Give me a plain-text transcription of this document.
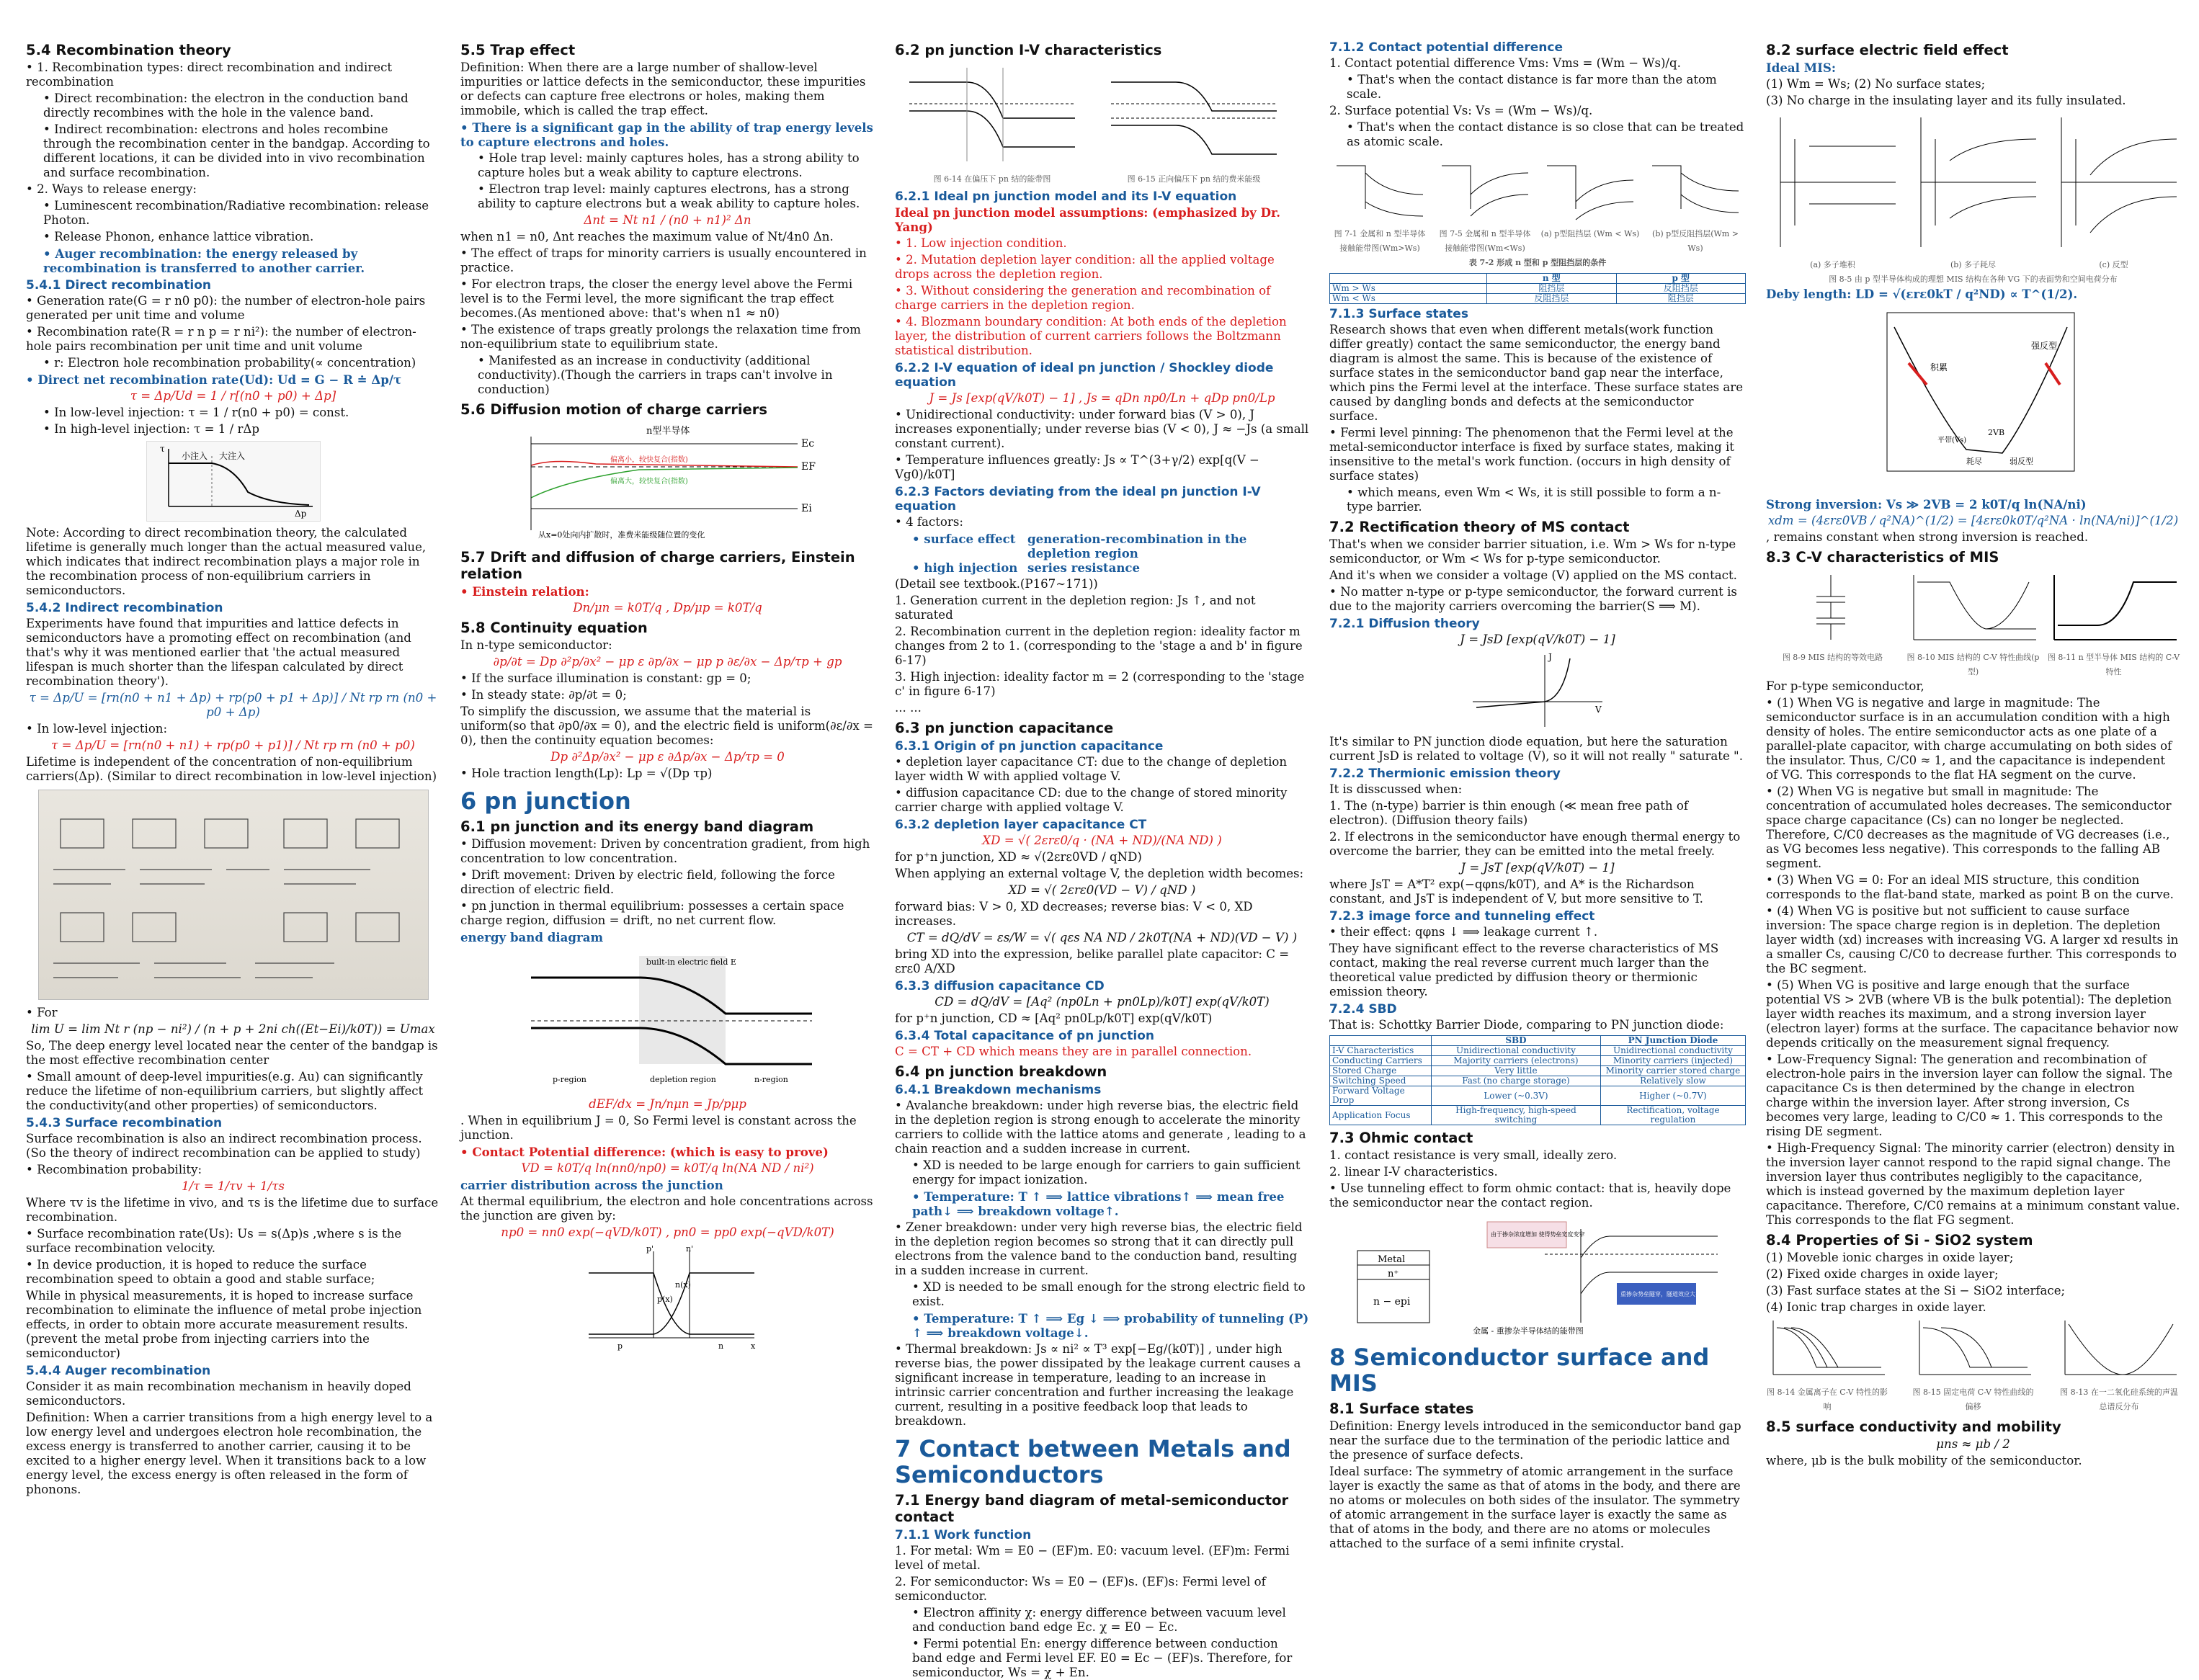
5.4 Recombination theory

• 1. Recombination types: direct recombination and indirect recombination

• Direct recombination: the electron in the conduction band directly recombines with the hole in the valence band.

• Indirect recombination: electrons and holes recombine through the recombination center in the bandgap. According to different locations, it can be divided into in vivo recombination and surface recombination.

• 2. Ways to release energy:

• Luminescent recombination/Radiative recombination: release Photon.

• Release Phonon, enhance lattice vibration.

• Auger recombination: the energy released by recombination is transferred to another carrier.

5.4.1 Direct recombination

• Generation rate(G = r n0 p0): the number of electron-hole pairs generated per unit time and volume

• Recombination rate(R = r n p = r ni²): the number of electron-hole pairs recombination per unit time and unit volume

• r: Electron hole recombination probability(∝ concentration)

• Direct net recombination rate(Ud): Ud = G − R ≐ Δp/τ

τ = Δp/Ud = 1 / r[(n0 + p0) + Δp]

• In low-level injection: τ = 1 / r(n0 + p0) = const.

• In high-level injection: τ = 1 / rΔp

小注入 大注入
Δp
τ

Note: According to direct recombination theory, the calculated lifetime is generally much longer than the actual measured value, which indicates that indirect recombination plays a major role in the recombination process of non-equilibrium carriers in semiconductors.

5.4.2 Indirect recombination

Experiments have found that impurities and lattice defects in semiconductors have a promoting effect on recombination (and that's why it was mentioned earlier that 'the actual measured lifespan is much shorter than the lifespan calculated by direct recombination theory').

τ = Δp/U = [rn(n0 + n1 + Δp) + rp(p0 + p1 + Δp)] / Nt rp rn (n0 + p0 + Δp)

• In low-level injection:

τ = Δp/U = [rn(n0 + n1) + rp(p0 + p1)] / Nt rp rn (n0 + p0)

Lifetime is independent of the concentration of non-equilibrium carriers(Δp). (Similar to direct recombination in low-level injection)

• For

lim U = lim Nt r (np − ni²) / (n + p + 2ni ch((Et−Ei)/k0T)) = Umax

So, The deep energy level located near the center of the bandgap is the most effective recombination center

• Small amount of deep-level impurities(e.g. Au) can significantly reduce the lifetime of non-equilibrium carriers, but slightly affect the conductivity(and other properties) of semiconductors.

5.4.3 Surface recombination

Surface recombination is also an indirect recombination process. (So the theory of indirect recombination can be applied to study)

• Recombination probability:

1/τ = 1/τv + 1/τs

Where τv is the lifetime in vivo, and τs is the lifetime due to surface recombination.

• Surface recombination rate(Us): Us = s(Δp)s ,where s is the surface recombination velocity.

• In device production, it is hoped to reduce the surface recombination speed to obtain a good and stable surface;

While in physical measurements, it is hoped to increase surface recombination to eliminate the influence of metal probe injection effects, in order to obtain more accurate measurement results.(prevent the metal probe from injecting carriers into the semiconductor)

5.4.4 Auger recombination

Consider it as main recombination mechanism in heavily doped semiconductors.

Definition: When a carrier transitions from a high energy level to a low energy level and undergoes electron hole recombination, the excess energy is transferred to another carrier, causing it to be excited to a higher energy level. When it transitions back to a low energy level, the excess energy is often released in the form of phonons.

5.5 Trap effect

Definition: When there are a large number of shallow-level impurities or lattice defects in the semiconductor, these impurities or defects can capture free electrons or holes, making them immobile, which is called the trap effect.

• There is a significant gap in the ability of trap energy levels to capture electrons and holes.

• Hole trap level: mainly captures holes, has a strong ability to capture holes but a weak ability to capture electrons.

• Electron trap level: mainly captures electrons, has a strong ability to capture electrons but a weak ability to capture holes.

Δnt = Nt n1 / (n0 + n1)² Δn

when n1 = n0, Δnt reaches the maximum value of Nt/4n0 Δn.

• The effect of traps for minority carriers is usually encountered in practice.

• For electron traps, the closer the energy level above the Fermi level is to the Fermi level, the more significant the trap effect becomes.(As mentioned above: that's when n1 ≈ n0)

• The existence of traps greatly prolongs the relaxation time from non-equilibrium state to equilibrium state.

• Manifested as an increase in conductivity (additional conductivity).(Though the carriers in traps can't involve in conduction)

5.6 Diffusion motion of charge carriers
n型半导体
Ec
EF
Ei
偏离小，较快复合(指数)
偏离大，较快复合(指数)
从x=0处向内扩散时，准费米能级随位置的变化
5.7 Drift and diffusion of charge carriers, Einstein relation

• Einstein relation:

Dn/μn = k0T/q , Dp/μp = k0T/q

5.8 Continuity equation

In n-type semiconductor:

∂p/∂t = Dp ∂²p/∂x² − μp ε ∂p/∂x − μp p ∂ε/∂x − Δp/τp + gp

• If the surface illumination is constant: gp = 0;

• In steady state: ∂p/∂t = 0;

To simplify the discussion, we assume that the material is uniform(so that ∂p0/∂x = 0), and the electric field is uniform(∂ε/∂x = 0), then the continuity equation becomes:

Dp ∂²Δp/∂x² − μp ε ∂Δp/∂x − Δp/τp = 0

• Hole traction length(Lp): Lp = √(Dp τp)

6 pn junction
6.1 pn junction and its energy band diagram

• Diffusion movement: Driven by concentration gradient, from high concentration to low concentration.

• Drift movement: Driven by electric field, following the force direction of electric field.

• pn junction in thermal equilibrium: possesses a certain space charge region, diffusion = drift, no net current flow.

energy band diagram

built-in electric field E
p-region	depletion region	n-region

dEF/dx = Jn/nμn = Jp/pμp

. When in equilibrium J = 0, So Fermi level is constant across the junction.

• Contact Potential difference: (which is easy to prove)

VD = k0T/q ln(nn0/np0) = k0T/q ln(NA ND / ni²)

carrier distribution across the junction

At thermal equilibrium, the electron and hole concentrations across the junction are given by:

np0 = nn0 exp(−qVD/k0T) , pn0 = pp0 exp(−qVD/k0T)

p'	n'
n(x)
p(x)
p	n	x
6.2 pn junction I-V characteristics
图 6-14 在偏压下 pn 结的能带图	图 6-15 正向偏压下 pn 结的费米能级
6.2.1 Ideal pn junction model and its I-V equation

Ideal pn junction model assumptions: (emphasized by Dr. Yang)

• 1. Low injection condition.

• 2. Mutation depletion layer condition: all the applied voltage drops across the depletion region.

• 3. Without considering the generation and recombination of charge carriers in the depletion region.

• 4. Blozmann boundary condition: At both ends of the depletion layer, the distribution of current carriers follows the Boltzmann statistical distribution.

6.2.2 I-V equation of ideal pn junction / Shockley diode equation

J = Js [exp(qV/k0T) − 1] , Js = qDn np0/Ln + qDp pn0/Lp

• Unidirectional conductivity: under forward bias (V > 0), J increases exponentially; under reverse bias (V < 0), J ≈ −Js (a small constant current).

• Temperature influences greatly: Js ∝ T^(3+γ/2) exp[q(V − Vg0)/k0T]

6.2.3 Factors deviating from the ideal pn junction I-V equation

• 4 factors:

• surface effect	generation-recombination in the depletion region
• high injection series resistance

(Detail see textbook.(P167∼171))

1. Generation current in the depletion region: Js ↑, and not saturated

2. Recombination current in the depletion region: ideality factor m changes from 2 to 1. (corresponding to the 'stage a and b' in figure 6-17)

3. High injection: ideality factor m = 2 (corresponding to the 'stage c' in figure 6-17)

... ...

6.3 pn junction capacitance
6.3.1 Origin of pn junction capacitance

• depletion layer capacitance CT: due to the change of depletion layer width W with applied voltage V.

• diffusion capacitance CD: due to the change of stored minority carrier charge with applied voltage V.

6.3.2 depletion layer capacitance CT

XD = √( 2εrε0/q · (NA + ND)/(NA ND) )

for p⁺n junction, XD ≈ √(2εrε0VD / qND)

When applying an external voltage V, the depletion width becomes:

XD = √( 2εrε0(VD − V) / qND )

forward bias: V > 0, XD decreases; reverse bias: V < 0, XD increases.

CT = dQ/dV = εs/W = √( qεs NA ND / 2k0T(NA + ND)(VD − V) )

bring XD into the expression, belike parallel plate capacitor: C = εrε0 A/XD

6.3.3 diffusion capacitance CD

CD = dQ/dV = [Aq² (np0Ln + pn0Lp)/k0T] exp(qV/k0T)

for p⁺n junction, CD ≈ [Aq² pn0Lp/k0T] exp(qV/k0T)

6.3.4 Total capacitance of pn junction

C = CT + CD which means they are in parallel connection.

6.4 pn junction breakdown
6.4.1 Breakdown mechanisms

• Avalanche breakdown: under high reverse bias, the electric field in the depletion region is strong enough to accelerate the minority carriers to collide with the lattice atoms and generate , leading to a chain reaction and a sudden increase in current.

• XD is needed to be large enough for carriers to gain sufficient energy for impact ionization.

• Temperature: T ↑ ⟹ lattice vibrations↑ ⟹ mean free path↓ ⟹ breakdown voltage↑.

• Zener breakdown: under very high reverse bias, the electric field in the depletion region becomes so strong that it can directly pull electrons from the valence band to the conduction band, resulting in a sudden increase in current.

• XD is needed to be small enough for the strong electric field to exist.

• Temperature: T ↑ ⟹ Eg ↓ ⟹ probability of tunneling (P) ↑ ⟹ breakdown voltage↓.

• Thermal breakdown: Js ∝ ni² ∝ T³ exp[−Eg/(k0T)] , under high reverse bias, the power dissipated by the leakage current causes a significant increase in temperature, leading to an increase in intrinsic carrier concentration and further increasing the leakage current, resulting in a positive feedback loop that leads to breakdown.

7 Contact between Metals and Semiconductors
7.1 Energy band diagram of metal-semiconductor contact
7.1.1 Work function

1. For metal: Wm = E0 − (EF)m. E0: vacuum level. (EF)m: Fermi level of metal.

2. For semiconductor: Ws = E0 − (EF)s. (EF)s: Fermi level of semiconductor.

• Electron affinity χ: energy difference between vacuum level and conduction band edge Ec. χ = E0 − Ec.

• Fermi potential En: energy difference between conduction band edge and Fermi level EF. E0 = Ec − (EF)s. Therefore, for semiconductor, Ws = χ + En.

7.1.2 Contact potential difference

1. Contact potential difference Vms: Vms = (Wm − Ws)/q.

• That's when the contact distance is far more than the atom scale.

2. Surface potential Vs: Vs = (Wm − Ws)/q.

• That's when the contact distance is so close that can be treated as atomic scale.

图 7-1 金属和 n 型半导体 接触能带图(Wm>Ws)
图 7-5 金属和 n 型半导体 接触能带图(Wm<Ws)
(a) p型阻挡层 (Wm < Ws)	(b) p型反阻挡层(Wm > Ws)
表 7-2 形成 n 型和 p 型阻挡层的条件
	n 型	p 型
Wm > Ws	阻挡层	反阻挡层
Wm < Ws	反阻挡层	阻挡层
7.1.3 Surface states

Research shows that even when different metals(work function differ greatly) contact the same semiconductor, the energy band diagram is almost the same. This is because of the existence of surface states in the semiconductor band gap near the interface, which pins the Fermi level at the interface. These surface states are caused by dangling bonds and defects at the semiconductor surface.

• Fermi level pinning: The phenomenon that the Fermi level at the metal-semiconductor interface is fixed by surface states, making it insensitive to the metal's work function. (occurs in high density of surface states)

• which means, even Wm < Ws, it is still possible to form a n-type barrier.

7.2 Rectification theory of MS contact

That's when we consider barrier situation, i.e. Wm > Ws for n-type semiconductor, or Wm < Ws for p-type semiconductor.

And it's when we consider a voltage (V) applied on the MS contact.

• No matter n-type or p-type semiconductor, the forward current is due to the majority carriers overcoming the barrier(S ⟹ M).

7.2.1 Diffusion theory

J = JsD [exp(qV/k0T) − 1]

J
V

It's similar to PN junction diode equation, but here the saturation current JsD is related to voltage (V), so it will not really " saturate ".

7.2.2 Thermionic emission theory

It is disscussed when:

1. The (n-type) barrier is thin enough (≪ mean free path of electron). (Diffusion theory fails)

2. If electrons in the semiconductor have enough thermal energy to overcome the barrier, they can be emitted into the metal freely.

J = JsT [exp(qV/k0T) − 1]

where JsT = A*T² exp(−qφns/k0T), and A* is the Richardson constant, and JsT is independent of V, but more sensitive to T.

7.2.3 image force and tunneling effect

• their effect: qφns ↓ ⟹ leakage current ↑.

They have significant effect to the reverse characteristics of MS contact, making the real reverse current much larger than the theoretical value predicted by diffusion theory or thermionic emission theory.

7.2.4 SBD

That is: Schottky Barrier Diode, comparing to PN junction diode:

	SBD	PN Junction Diode
I-V Characteristics	Unidirectional conductivity	Unidirectional conductivity
Conducting Carriers	Majority carriers (electrons)	Minority carriers (injected)
Stored Charge	Very little	Minority carrier stored charge
Switching Speed	Fast (no charge storage)	Relatively slow
Forward Voltage Drop	Lower (~0.3V)	Higher (~0.7V)
Application Focus	High-frequency, high-speed switching	Rectification, voltage regulation
7.3 Ohmic contact

1. contact resistance is very small, ideally zero.

2. linear I-V characteristics.

• Use tunneling effect to form ohmic contact: that is, heavily dope the semiconductor near the contact region.

Metal
n⁺
n − epi
由于掺杂浓度增加 使得势垒宽度变窄
重掺杂势垒隧穿，隧道效应大导通
金属 - 重掺杂半导体结的能带图
8 Semiconductor surface and MIS
8.1 Surface states

Definition: Energy levels introduced in the semiconductor band gap near the surface due to the termination of the periodic lattice and the presence of surface defects.

Ideal surface: The symmetry of atomic arrangement in the surface layer is exactly the same as that of atoms in the body, and there are no atoms or molecules on both sides of the insulator. The symmetry of atomic arrangement in the surface layer is exactly the same as that of atoms in the body, and there are no atoms or molecules attached to the surface of a semi infinite crystal.

8.2 surface electric field effect

Ideal MIS:

(1) Wm = Ws; (2) No surface states;

(3) No charge in the insulating layer and its fully insulated.

(a) 多子堆积	(b) 多子耗尽	(c) 反型
图 8-5 由 p 型半导体构成的理想 MIS 结构在各种 VG 下的表面势和空间电荷分布

Deby length: LD = √(εrε0kT / q²ND) ∝ T^(1/2).

积累
强反型
耗尽	弱反型
2VB
平带(Vs)

Strong inversion: Vs ≫ 2VB = 2 k0T/q ln(NA/ni)

xdm = (4εrε0VB / q²NA)^(1/2) = [4εrε0k0T/q²NA · ln(NA/ni)]^(1/2)

, remains constant when strong inversion is reached.

8.3 C-V characteristics of MIS
图 8-9 MIS 结构的等效电路	图 8-10 MIS 结构的 C-V 特性曲线(p 型)
图 8-11 n 型半导体 MIS 结构的 C-V 特性

For p-type semiconductor,

• (1) When VG is negative and large in magnitude: The semiconductor surface is in an accumulation condition with a high density of holes. The entire semiconductor acts as one plate of a parallel-plate capacitor, with charge accumulating on both sides of the insulator. Thus, C/C0 ≈ 1, and the capacitance is independent of VG. This corresponds to the flat HA segment on the curve.

• (2) When VG is negative but small in magnitude: The concentration of accumulated holes decreases. The semiconductor space charge capacitance (Cs) can no longer be neglected. Therefore, C/C0 decreases as the magnitude of VG decreases (i.e., as VG becomes less negative). This corresponds to the falling AB segment.

• (3) When VG = 0: For an ideal MIS structure, this condition corresponds to the flat-band state, marked as point B on the curve.

• (4) When VG is positive but not sufficient to cause surface inversion: The space charge region is in depletion. The depletion layer width (xd) increases with increasing VG. A larger xd results in a smaller Cs, causing C/C0 to decrease further. This corresponds to the BC segment.

• (5) When VG is positive and large enough that the surface potential VS > 2VB (where VB is the bulk potential): The depletion layer width reaches its maximum, and a strong inversion layer (electron layer) forms at the surface. The capacitance behavior now depends critically on the measurement signal frequency.

• Low-Frequency Signal: The generation and recombination of electron-hole pairs in the inversion layer can follow the signal. The capacitance Cs is then determined by the change in electron charge within the inversion layer. After strong inversion, Cs becomes very large, leading to C/C0 ≈ 1. This corresponds to the rising DE segment.

• High-Frequency Signal: The minority carrier (electron) density in the inversion layer cannot respond to the rapid signal change. The inversion layer thus contributes negligibly to the capacitance, which is instead governed by the maximum depletion layer capacitance. Therefore, C/C0 remains at a minimum constant value. This corresponds to the flat FG segment.

8.4 Properties of Si - SiO2 system

(1) Moveble ionic charges in oxide layer;

(2) Fixed oxide charges in oxide layer;

(3) Fast surface states at the Si − SiO2 interface;

(4) Ionic trap charges in oxide layer.

图 8-14 金属离子在 C-V 特性的影响
图 8-15 固定电荷 C-V 特性曲线的偏移
图 8-13 在一二氧化硅系统的声温总谱反分布
8.5 surface conductivity and mobility

μns ≈ μb / 2

where, μb is the bulk mobility of the semiconductor.
